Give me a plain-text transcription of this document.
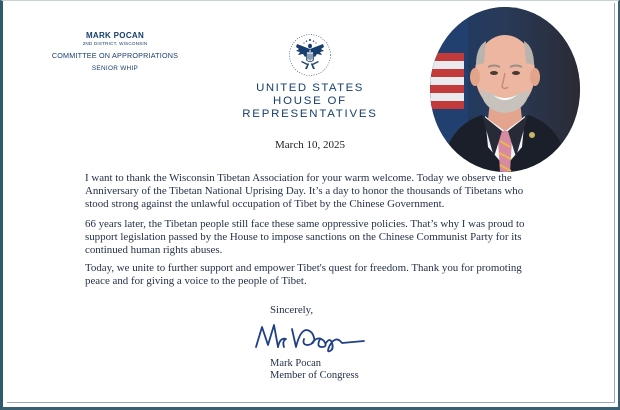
MARK POCAN
2ND DISTRICT, WISCONSIN
COMMITTEE ON APPROPRIATIONS
SENIOR WHIP
UNITED STATES
HOUSE OF REPRESENTATIVES
March 10, 2025

I want to thank the Wisconsin Tibetan Association for your warm welcome. Today we observe the Anniversary of the Tibetan National Uprising Day. It’s a day to honor the thousands of Tibetans who stood strong against the unlawful occupation of Tibet by the Chinese Government.

66 years later, the Tibetan people still face these same oppressive policies. That’s why I was proud to support legislation passed by the House to impose sanctions on the Chinese Communist Party for its continued human rights abuses.

Today, we unite to further support and empower Tibet's quest for freedom. Thank you for promoting peace and for giving a voice to the people of Tibet.

Sincerely,
Mark Pocan
Member of Congress
